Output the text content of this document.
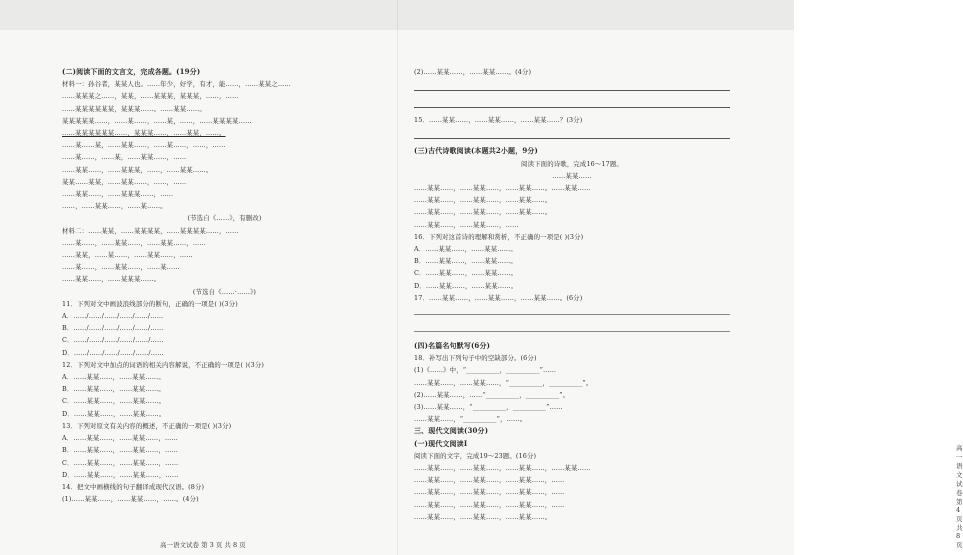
(二)阅读下面的文言文，完成各题。(19分)
材料一：孙谷者，某某人也。……年少，好学，有才，能……，……某某之……
……某某某之……，某某，……某某某，某某某，……，……
……某某某某某某，某某某……。……某某……。
某某某某某……，……某……，……某，……，……某某某某……
……某某某某某某……，某某某……，……某某，……。
……某……某，……某某……，……某……，……，……
……某……，……某，……某某……，……
……某某……，……某某某，……，……某某……。
某某……某某，……某某……，……，……
……某某……，……某某某……，……
……，……某某……，……某……。
(节选自《……》，有删改)
材料二：……某某，……某某某某，……某某某某……，……
……某……，……某某……，……某某……，……
……某某，……某……，……某某……，……
……某……，……某某……，……某……
……某某……，……某某某……。
(节选自《……·……》)
11．下列对文中画波浪线部分的断句，正确的一项是( )(3分)
A．……/……/……/……/……/……
B．……/……/……/……/……/……
C．……/……/……/……/……/……
D．……/……/……/……/……/……
12．下列对文中加点的词语的相关内容解说，不正确的一项是( )(3分)
A．……某某……，……某某……。
B．……某某……，……某某……。
C．……某某……，……某某……。
D．……某某……，……某某……。
13．下列对原文有关内容的概述，不正确的一项是( )(3分)
A．……某某……，……某某……，……
B．……某某……，……某某……，……
C．……某某……，……某某……，……
D．……某某……，……某某……，……
14．把文中画横线的句子翻译成现代汉语。(8分)
(1)……某某……，……某某……，……。(4分)
高一语文试卷 第 3 页 共 8 页
(2)……某某……，……某某……。(4分)
15．……某某……，……某某……，……某某……？(3分)
(三)古代诗歌阅读(本题共2小题，9分)
阅读下面的诗歌，完成16～17题。
……某某……
……某某……，……某某……，……某某……。……某某……
……某某……，……某某……，……某某……。
……某某……，……某某……，……某某……。
……某某……，……某某……，……
16．下列对这首诗的理解和赏析，不正确的一项是( )(3分)
A．……某某……，……某某……。
B．……某某……，……某某……。
C．……某某……，……某某……。
D．……某某……，……某某……。
17．……某某……，……某某……，……某某……。(6分)
(四)名篇名句默写(6分)
18．补写出下列句子中的空缺部分。(6分)
(1)《……》中，“__________，__________”……
……某某……，……某某……，“__________，__________”。
(2)……某某……，……“__________，__________”。
(3)……某某……，“__________，__________”……
……某某……，“__________”，……。
三、现代文阅读(30分)
(一)现代文阅读Ⅰ
阅读下面的文字，完成19～23题。(16分)
……某某……，……某某……，……某某……，……某某……
……某某……，……某某……，……某某……，……
……某某……，……某某……，……某某……，……
……某某……，……某某……，……某某……，……
……某某……，……某某……，……某某……。
高一语文试卷 第 4 页 共 8 页
